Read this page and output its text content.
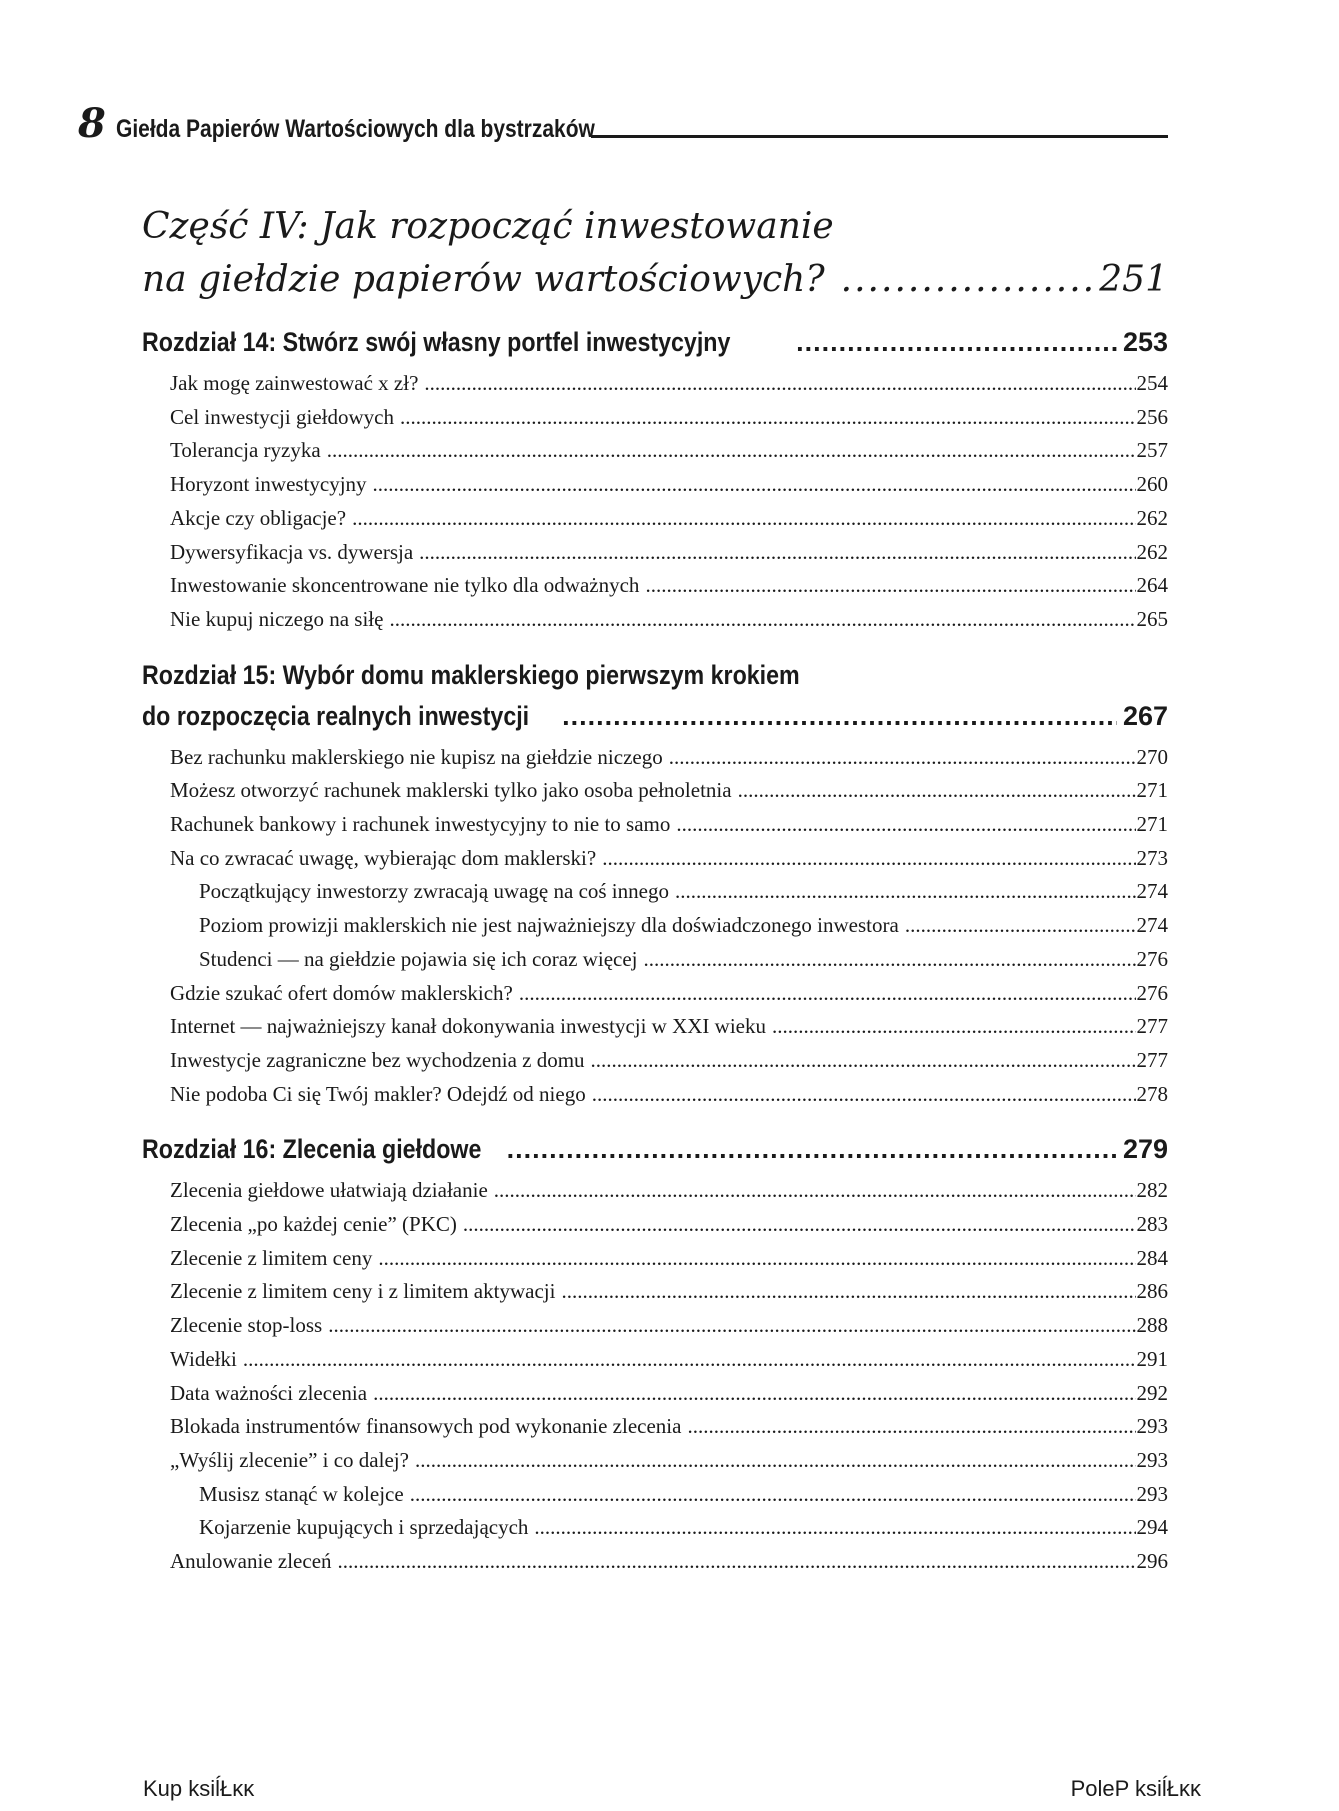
8 Giełda Papierów Wartościowych dla bystrzaków
Część IV: Jak rozpocząć inwestowanie
na giełdzie papierów wartościowych? .....	251
Rozdział 14: Stwórz swój własny portfel inwestycyjny .....	253
Jak mogę zainwestować x zł? .....	254
Cel inwestycji giełdowych .....	256
Tolerancja ryzyka .....	257
Horyzont inwestycyjny .....	260
Akcje czy obligacje? .....	262
Dywersyfikacja vs. dywersja .....	262
Inwestowanie skoncentrowane nie tylko dla odważnych .....	264
Nie kupuj niczego na siłę .....	265
Rozdział 15: Wybór domu maklerskiego pierwszym krokiem
do rozpoczęcia realnych inwestycji .....	267
Bez rachunku maklerskiego nie kupisz na giełdzie niczego .....	270
Możesz otworzyć rachunek maklerski tylko jako osoba pełnoletnia .....	271
Rachunek bankowy i rachunek inwestycyjny to nie to samo .....	271
Na co zwracać uwagę, wybierając dom maklerski? .....	273
Początkujący inwestorzy zwracają uwagę na coś innego .....	274
Poziom prowizji maklerskich nie jest najważniejszy dla doświadczonego inwestora .....	274
Studenci — na giełdzie pojawia się ich coraz więcej .....	276
Gdzie szukać ofert domów maklerskich? .....	276
Internet — najważniejszy kanał dokonywania inwestycji w XXI wieku .....	277
Inwestycje zagraniczne bez wychodzenia z domu .....	277
Nie podoba Ci się Twój makler? Odejdź od niego .....	278
Rozdział 16: Zlecenia giełdowe .....	279
Zlecenia giełdowe ułatwiają działanie .....	282
Zlecenia „po każdej cenie” (PKC) .....	283
Zlecenie z limitem ceny .....	284
Zlecenie z limitem ceny i z limitem aktywacji .....	286
Zlecenie stop-loss .....	288
Widełki .....	291
Data ważności zlecenia .....	292
Blokada instrumentów finansowych pod wykonanie zlecenia .....	293
„Wyślij zlecenie” i co dalej? .....	293
Musisz stanąć w kolejce .....	293
Kojarzenie kupujących i sprzedających .....	294
Anulowanie zleceń .....	296
Kup ksiĺŁĸĸ	PoleP ksiĺŁĸĸ
